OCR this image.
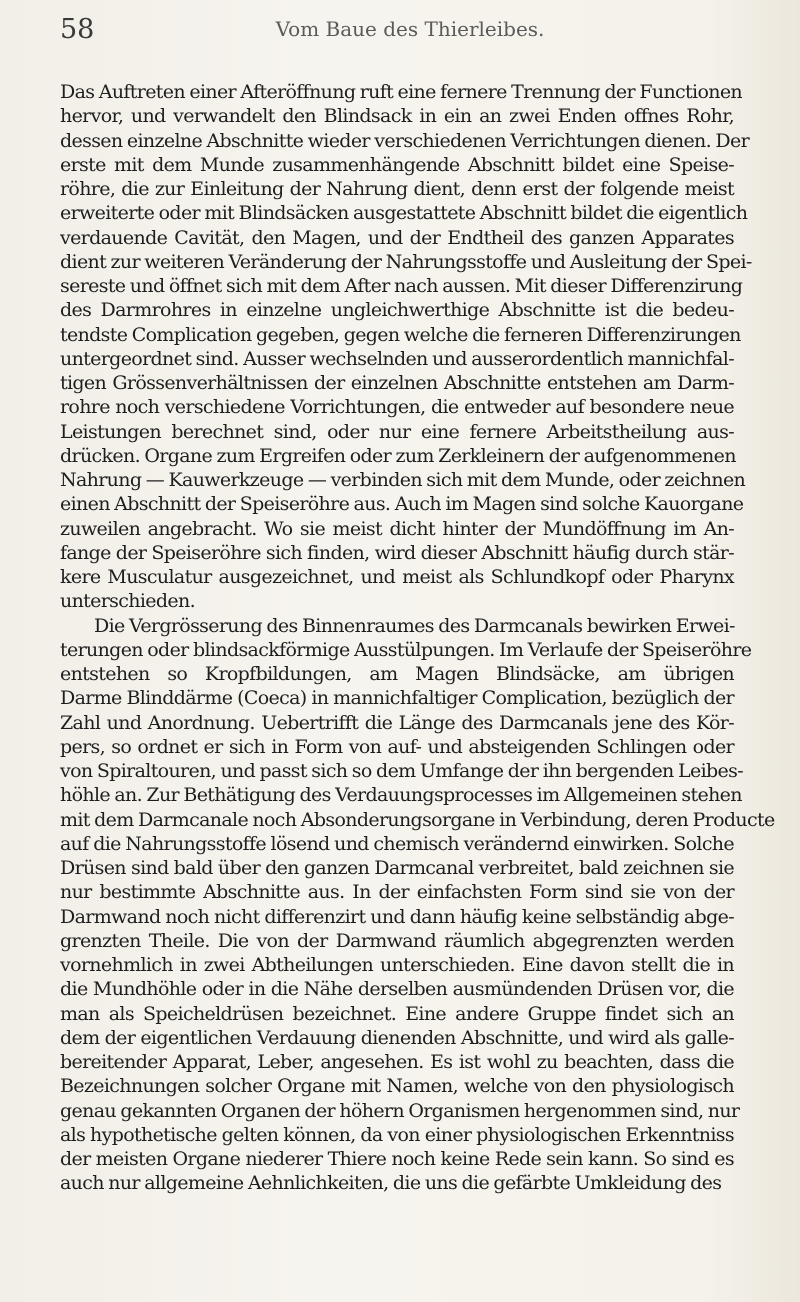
58	Vom Baue des Thierleibes.
Das Auftreten einer Afteröffnung ruft eine fernere Trennung der Functionen
hervor, und verwandelt den Blindsack in ein an zwei Enden offnes Rohr,
dessen einzelne Abschnitte wieder verschiedenen Verrichtungen dienen. Der
erste mit dem Munde zusammenhängende Abschnitt bildet eine Speise-
röhre, die zur Einleitung der Nahrung dient, denn erst der folgende meist
erweiterte oder mit Blindsäcken ausgestattete Abschnitt bildet die eigentlich
verdauende Cavität, den Magen, und der Endtheil des ganzen Apparates
dient zur weiteren Veränderung der Nahrungsstoffe und Ausleitung der Spei-
sereste und öffnet sich mit dem After nach aussen. Mit dieser Differenzirung
des Darmrohres in einzelne ungleichwerthige Abschnitte ist die bedeu-
tendste Complication gegeben, gegen welche die ferneren Differenzirungen
untergeordnet sind. Ausser wechselnden und ausserordentlich mannichfal-
tigen Grössenverhältnissen der einzelnen Abschnitte entstehen am Darm-
rohre noch verschiedene Vorrichtungen, die entweder auf besondere neue
Leistungen berechnet sind, oder nur eine fernere Arbeitstheilung aus-
drücken. Organe zum Ergreifen oder zum Zerkleinern der aufgenommenen
Nahrung — Kauwerkzeuge — verbinden sich mit dem Munde, oder zeichnen
einen Abschnitt der Speiseröhre aus. Auch im Magen sind solche Kauorgane
zuweilen angebracht. Wo sie meist dicht hinter der Mundöffnung im An-
fange der Speiseröhre sich finden, wird dieser Abschnitt häufig durch stär-
kere Musculatur ausgezeichnet, und meist als Schlundkopf oder Pharynx
unterschieden.
Die Vergrösserung des Binnenraumes des Darmcanals bewirken Erwei-
terungen oder blindsackförmige Ausstülpungen. Im Verlaufe der Speiseröhre
entstehen so Kropfbildungen, am Magen Blindsäcke, am übrigen
Darme Blinddärme (Coeca) in mannichfaltiger Complication, bezüglich der
Zahl und Anordnung. Uebertrifft die Länge des Darmcanals jene des Kör-
pers, so ordnet er sich in Form von auf- und absteigenden Schlingen oder
von Spiraltouren, und passt sich so dem Umfange der ihn bergenden Leibes-
höhle an. Zur Bethätigung des Verdauungsprocesses im Allgemeinen stehen
mit dem Darmcanale noch Absonderungsorgane in Verbindung, deren Producte
auf die Nahrungsstoffe lösend und chemisch verändernd einwirken. Solche
Drüsen sind bald über den ganzen Darmcanal verbreitet, bald zeichnen sie
nur bestimmte Abschnitte aus. In der einfachsten Form sind sie von der
Darmwand noch nicht differenzirt und dann häufig keine selbständig abge-
grenzten Theile. Die von der Darmwand räumlich abgegrenzten werden
vornehmlich in zwei Abtheilungen unterschieden. Eine davon stellt die in
die Mundhöhle oder in die Nähe derselben ausmündenden Drüsen vor, die
man als Speicheldrüsen bezeichnet. Eine andere Gruppe findet sich an
dem der eigentlichen Verdauung dienenden Abschnitte, und wird als galle-
bereitender Apparat, Leber, angesehen. Es ist wohl zu beachten, dass die
Bezeichnungen solcher Organe mit Namen, welche von den physiologisch
genau gekannten Organen der höhern Organismen hergenommen sind, nur
als hypothetische gelten können, da von einer physiologischen Erkenntniss
der meisten Organe niederer Thiere noch keine Rede sein kann. So sind es
auch nur allgemeine Aehnlichkeiten, die uns die gefärbte Umkleidung des
